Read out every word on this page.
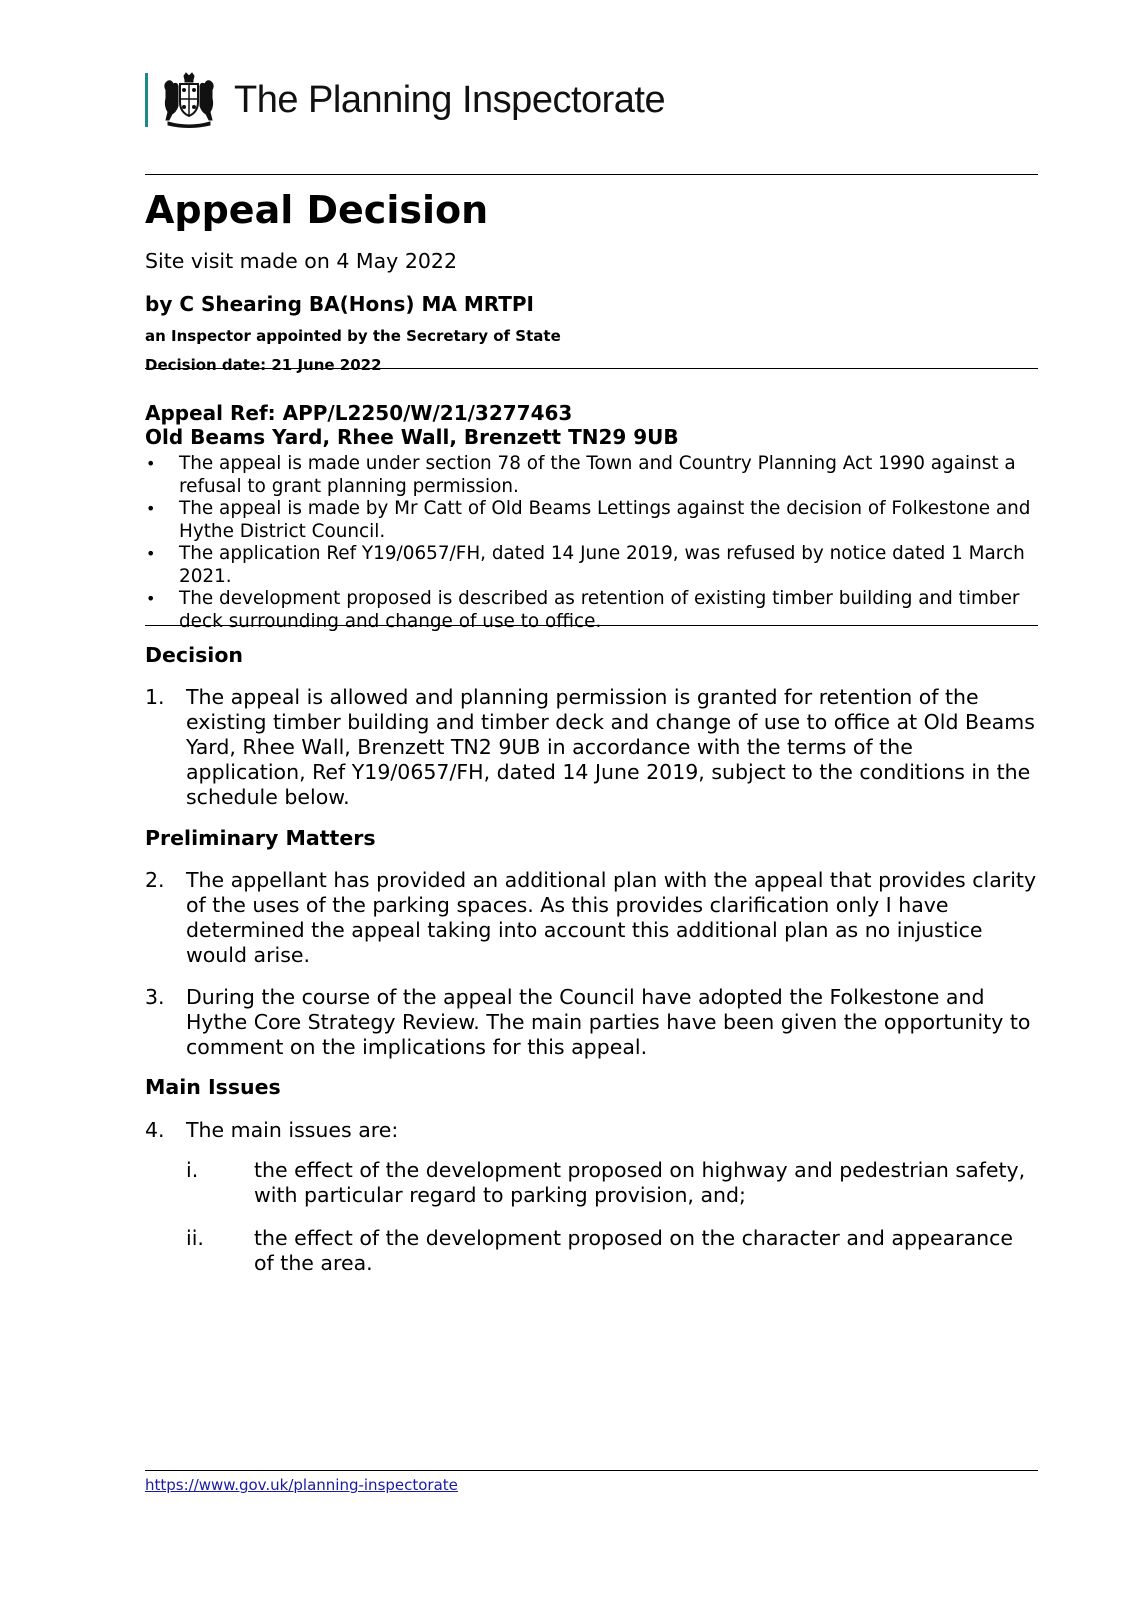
The Planning Inspectorate
Appeal Decision
Site visit made on 4 May 2022
by C Shearing BA(Hons) MA MRTPI
an Inspector appointed by the Secretary of State
Decision date: 21 June 2022
Appeal Ref: APP/L2250/W/21/3277463
Old Beams Yard, Rhee Wall, Brenzett TN29 9UB
• The appeal is made under section 78 of the Town and Country Planning Act 1990 against a refusal to grant planning permission.
• The appeal is made by Mr Catt of Old Beams Lettings against the decision of Folkestone and Hythe District Council.
• The application Ref Y19/0657/FH, dated 14 June 2019, was refused by notice dated 1 March 2021.
• The development proposed is described as retention of existing timber building and timber deck surrounding and change of use to office.
Decision
1. The appeal is allowed and planning permission is granted for retention of the existing timber building and timber deck and change of use to office at Old Beams Yard, Rhee Wall, Brenzett TN2 9UB in accordance with the terms of the application, Ref Y19/0657/FH, dated 14 June 2019, subject to the conditions in the schedule below.
Preliminary Matters
2. The appellant has provided an additional plan with the appeal that provides clarity of the uses of the parking spaces. As this provides clarification only I have determined the appeal taking into account this additional plan as no injustice would arise.
3. During the course of the appeal the Council have adopted the Folkestone and Hythe Core Strategy Review. The main parties have been given the opportunity to comment on the implications for this appeal.
Main Issues
4. The main issues are:
i.	the effect of the development proposed on highway and pedestrian safety, with particular regard to parking provision, and;
ii. the effect of the development proposed on the character and appearance of the area.
https://www.gov.uk/planning-inspectorate
